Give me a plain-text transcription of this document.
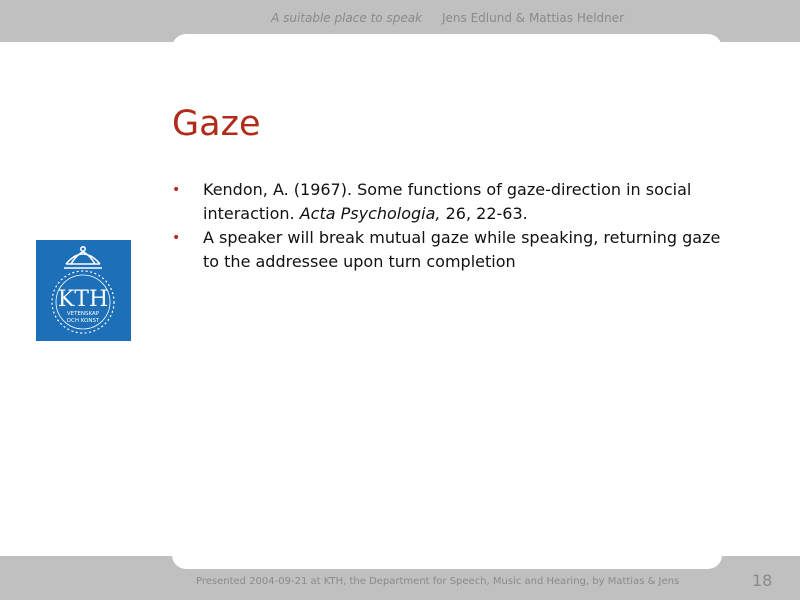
A suitable place to speak Jens Edlund & Mattias Heldner
KTH
VETENSKAP
OCH KONST
Gaze
• Kendon, A. (1967). Some functions of gaze-direction in social interaction. Acta Psychologia, 26, 22-63.
• A speaker will break mutual gaze while speaking, returning gaze to the addressee upon turn completion
Presented 2004-09-21 at KTH, the Department for Speech, Music and Hearing, by Mattias & Jens	18
